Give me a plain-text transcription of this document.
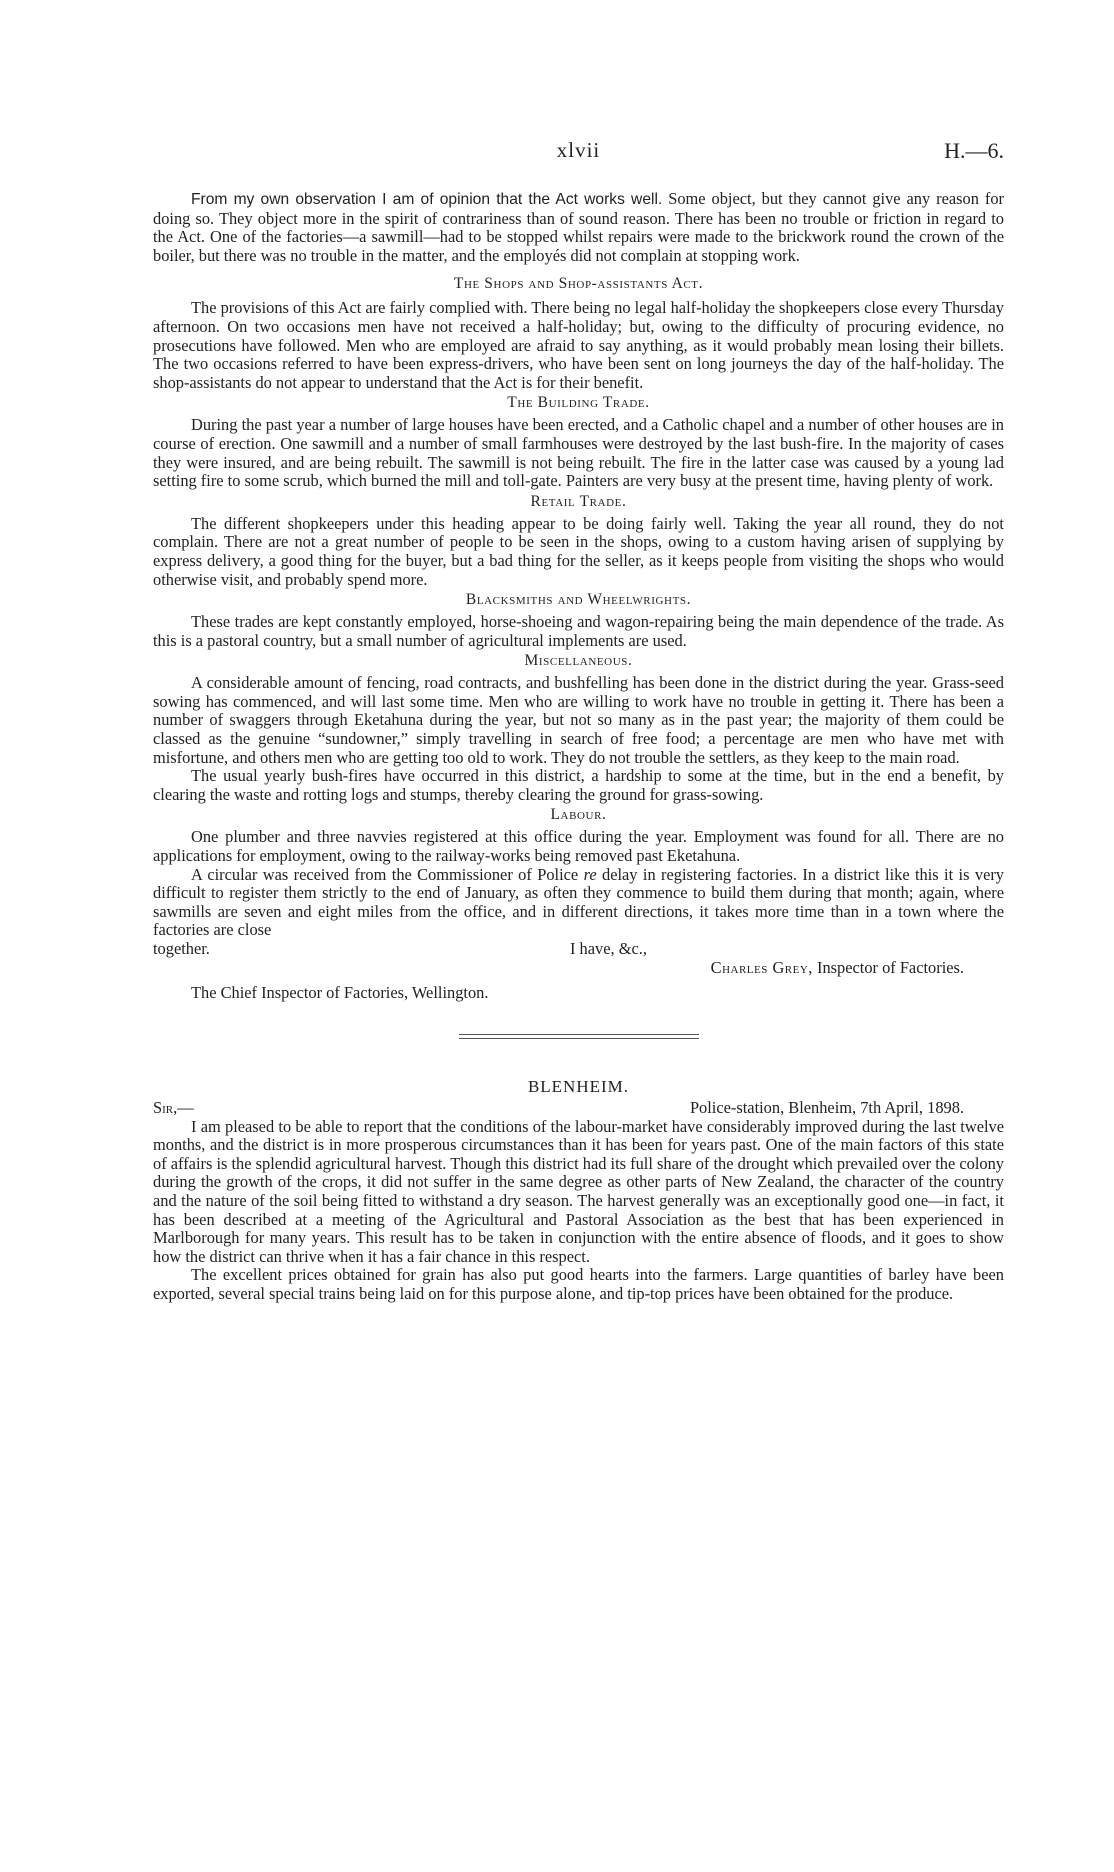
xlvii	H.—6.

From my own observation I am of opinion that the Act works well. Some object, but they cannot give any reason for doing so. They object more in the spirit of contrariness than of sound reason. There has been no trouble or friction in regard to the Act. One of the factories—a sawmill—had to be stopped whilst repairs were made to the brickwork round the crown of the boiler, but there was no trouble in the matter, and the employés did not complain at stopping work.

The Shops and Shop-assistants Act.

The provisions of this Act are fairly complied with. There being no legal half-holiday the shopkeepers close every Thursday afternoon. On two occasions men have not received a half-holiday; but, owing to the difficulty of procuring evidence, no prosecutions have followed. Men who are employed are afraid to say anything, as it would probably mean losing their billets. The two occasions referred to have been express-drivers, who have been sent on long journeys the day of the half-holiday. The shop-assistants do not appear to understand that the Act is for their benefit.

The Building Trade.

During the past year a number of large houses have been erected, and a Catholic chapel and a number of other houses are in course of erection. One sawmill and a number of small farmhouses were destroyed by the last bush-fire. In the majority of cases they were insured, and are being rebuilt. The sawmill is not being rebuilt. The fire in the latter case was caused by a young lad setting fire to some scrub, which burned the mill and toll-gate. Painters are very busy at the present time, having plenty of work.

Retail Trade.

The different shopkeepers under this heading appear to be doing fairly well. Taking the year all round, they do not complain. There are not a great number of people to be seen in the shops, owing to a custom having arisen of supplying by express delivery, a good thing for the buyer, but a bad thing for the seller, as it keeps people from visiting the shops who would otherwise visit, and probably spend more.

Blacksmiths and Wheelwrights.

These trades are kept constantly employed, horse-shoeing and wagon-repairing being the main dependence of the trade. As this is a pastoral country, but a small number of agricultural implements are used.

Miscellaneous.

A considerable amount of fencing, road contracts, and bushfelling has been done in the district during the year. Grass-seed sowing has commenced, and will last some time. Men who are willing to work have no trouble in getting it. There has been a number of swaggers through Eketahuna during the year, but not so many as in the past year; the majority of them could be classed as the genuine “sundowner,” simply travelling in search of free food; a percentage are men who have met with misfortune, and others men who are getting too old to work. They do not trouble the settlers, as they keep to the main road.

The usual yearly bush-fires have occurred in this district, a hardship to some at the time, but in the end a benefit, by clearing the waste and rotting logs and stumps, thereby clearing the ground for grass-sowing.

Labour.

One plumber and three navvies registered at this office during the year. Employment was found for all. There are no applications for employment, owing to the railway-works being removed past Eketahuna.

A circular was received from the Commissioner of Police re delay in registering factories. In a district like this it is very difficult to register them strictly to the end of January, as often they commence to build them during that month; again, where sawmills are seven and eight miles from the office, and in different directions, it takes more time than in a town where the factories are close

together.	I have, &c.,
Charles Grey, Inspector of Factories.
The Chief Inspector of Factories, Wellington.
BLENHEIM.
Sir,—	Police-station, Blenheim, 7th April, 1898.

I am pleased to be able to report that the conditions of the labour-market have considerably improved during the last twelve months, and the district is in more prosperous circumstances than it has been for years past. One of the main factors of this state of affairs is the splendid agricultural harvest. Though this district had its full share of the drought which prevailed over the colony during the growth of the crops, it did not suffer in the same degree as other parts of New Zealand, the character of the country and the nature of the soil being fitted to withstand a dry season. The harvest generally was an exceptionally good one—in fact, it has been described at a meeting of the Agricultural and Pastoral Association as the best that has been experienced in Marlborough for many years. This result has to be taken in conjunction with the entire absence of floods, and it goes to show how the district can thrive when it has a fair chance in this respect.

The excellent prices obtained for grain has also put good hearts into the farmers. Large quantities of barley have been exported, several special trains being laid on for this purpose alone, and tip-top prices have been obtained for the produce.
